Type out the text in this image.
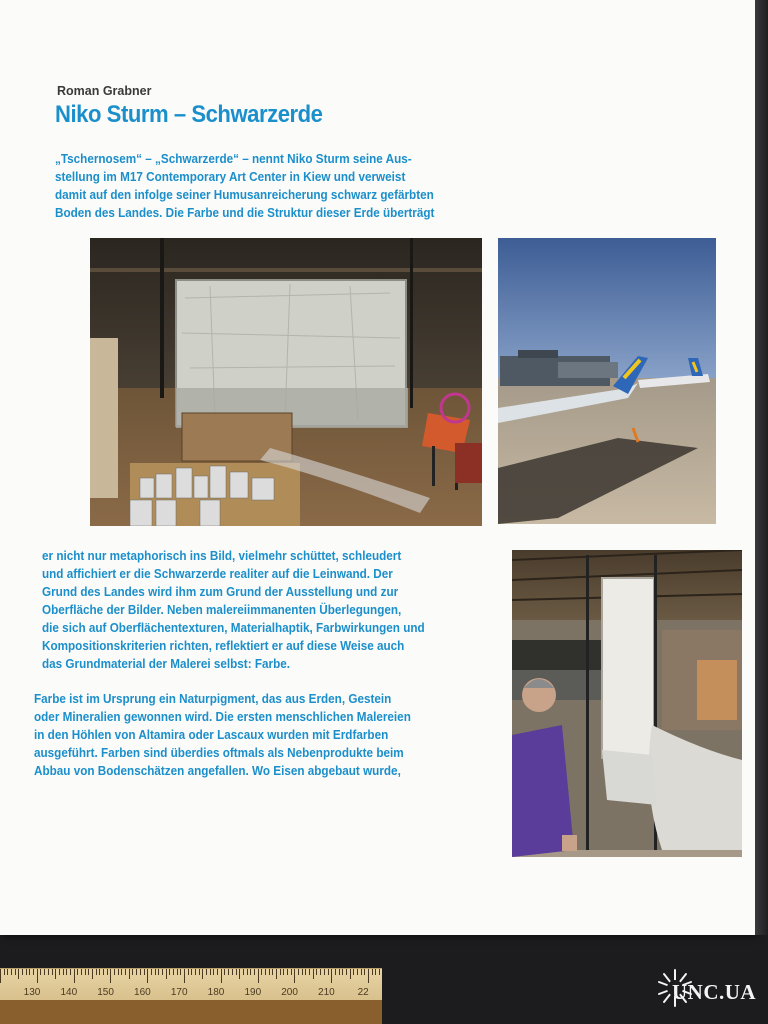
Roman Grabner
Niko Sturm – Schwarzerde
„Tschernosem“ – „Schwarzerde“ – nennt Niko Sturm seine Aus-
stellung im M17 Contemporary Art Center in Kiew und verweist
damit auf den infolge seiner Humusanreicherung schwarz gefärbten
Boden des Landes. Die Farbe und die Struktur dieser Erde überträgt
er nicht nur metaphorisch ins Bild, vielmehr schüttet, schleudert
und affichiert er die Schwarzerde realiter auf die Leinwand. Der
Grund des Landes wird ihm zum Grund der Ausstellung und zur
Oberfläche der Bilder. Neben malereiimmanenten Überlegungen,
die sich auf Oberflächentexturen, Materialhaptik, Farbwirkungen und
Kompositionskriterien richten, reflektiert er auf diese Weise auch
das Grundmaterial der Malerei selbst: Farbe.
Farbe ist im Ursprung ein Naturpigment, das aus Erden, Gestein
oder Mineralien gewonnen wird. Die ersten menschlichen Malereien
in den Höhlen von Altamira oder Lascaux wurden mit Erdfarben
ausgeführt. Farben sind überdies oftmals als Nebenprodukte beim
Abbau von Bodenschätzen angefallen. Wo Eisen abgebaut wurde,
130 140 150 160 170 180 190 200 210 22	UNC.UA
